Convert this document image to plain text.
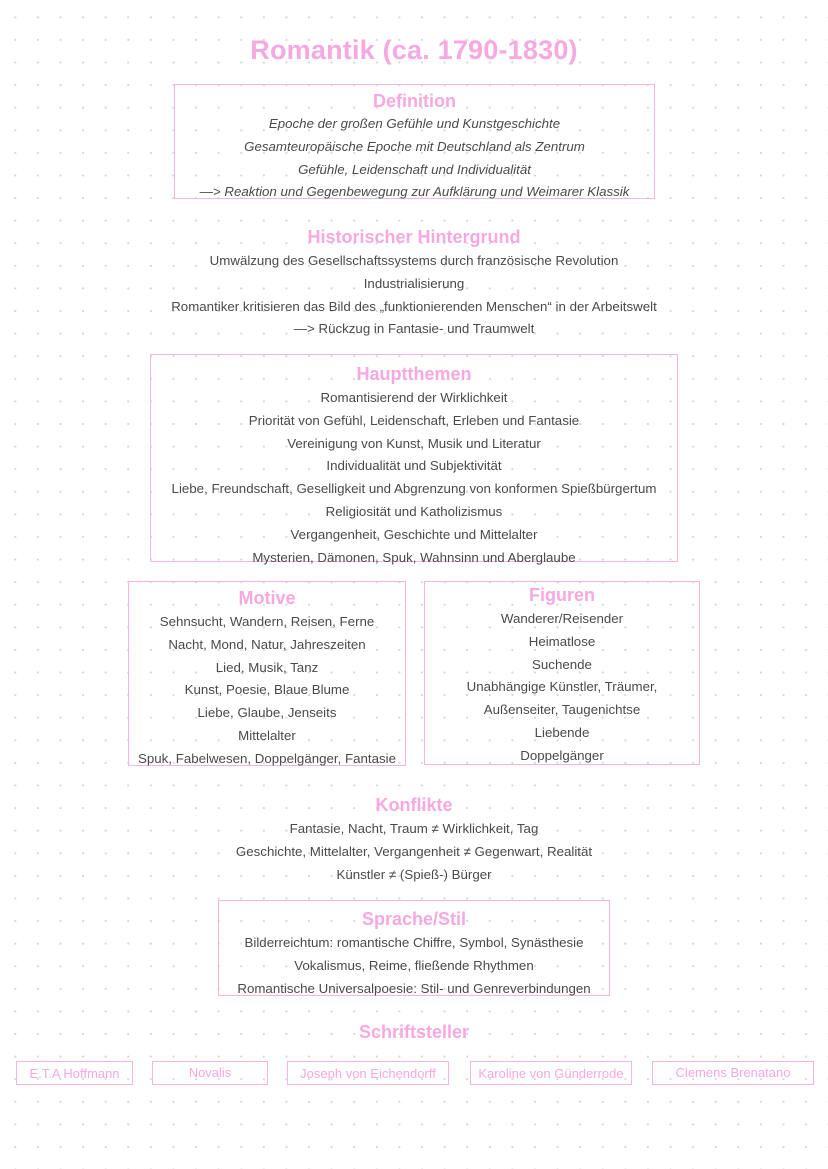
Romantik (ca. 1790-1830)
Definition
Epoche der großen Gefühle und Kunstgeschichte
Gesamteuropäische Epoche mit Deutschland als Zentrum
Gefühle, Leidenschaft und Individualität
—> Reaktion und Gegenbewegung zur Aufklärung und Weimarer Klassik
Historischer Hintergrund
Umwälzung des Gesellschaftssystems durch französische Revolution
Industrialisierung
Romantiker kritisieren das Bild des „funktionierenden Menschen“ in der Arbeitswelt
—> Rückzug in Fantasie- und Traumwelt
Hauptthemen
Romantisierend der Wirklichkeit
Priorität von Gefühl, Leidenschaft, Erleben und Fantasie
Vereinigung von Kunst, Musik und Literatur
Individualität und Subjektivität
Liebe, Freundschaft, Geselligkeit und Abgrenzung von konformen Spießbürgertum
Religiosität und Katholizismus
Vergangenheit, Geschichte und Mittelalter
Mysterien, Dämonen, Spuk, Wahnsinn und Aberglaube
Motive
Sehnsucht, Wandern, Reisen, Ferne
Nacht, Mond, Natur, Jahreszeiten
Lied, Musik, Tanz
Kunst, Poesie, Blaue Blume
Liebe, Glaube, Jenseits
Mittelalter
Spuk, Fabelwesen, Doppelgänger, Fantasie
Figuren
Wanderer/Reisender
Heimatlose
Suchende
Unabhängige Künstler, Träumer,
Außenseiter, Taugenichtse
Liebende
Doppelgänger
Konflikte
Fantasie, Nacht, Traum ≠ Wirklichkeit, Tag
Geschichte, Mittelalter, Vergangenheit ≠ Gegenwart, Realität
Künstler ≠ (Spieß-) Bürger
Sprache/Stil
Bilderreichtum: romantische Chiffre, Symbol, Synästhesie
Vokalismus, Reime, fließende Rhythmen
Romantische Universalpoesie: Stil- und Genreverbindungen
Schriftsteller
E.T.A Hoffmann	Novalis	Joseph von Eichendorff	Karoline von Günderrode	Clemens Brenatano
